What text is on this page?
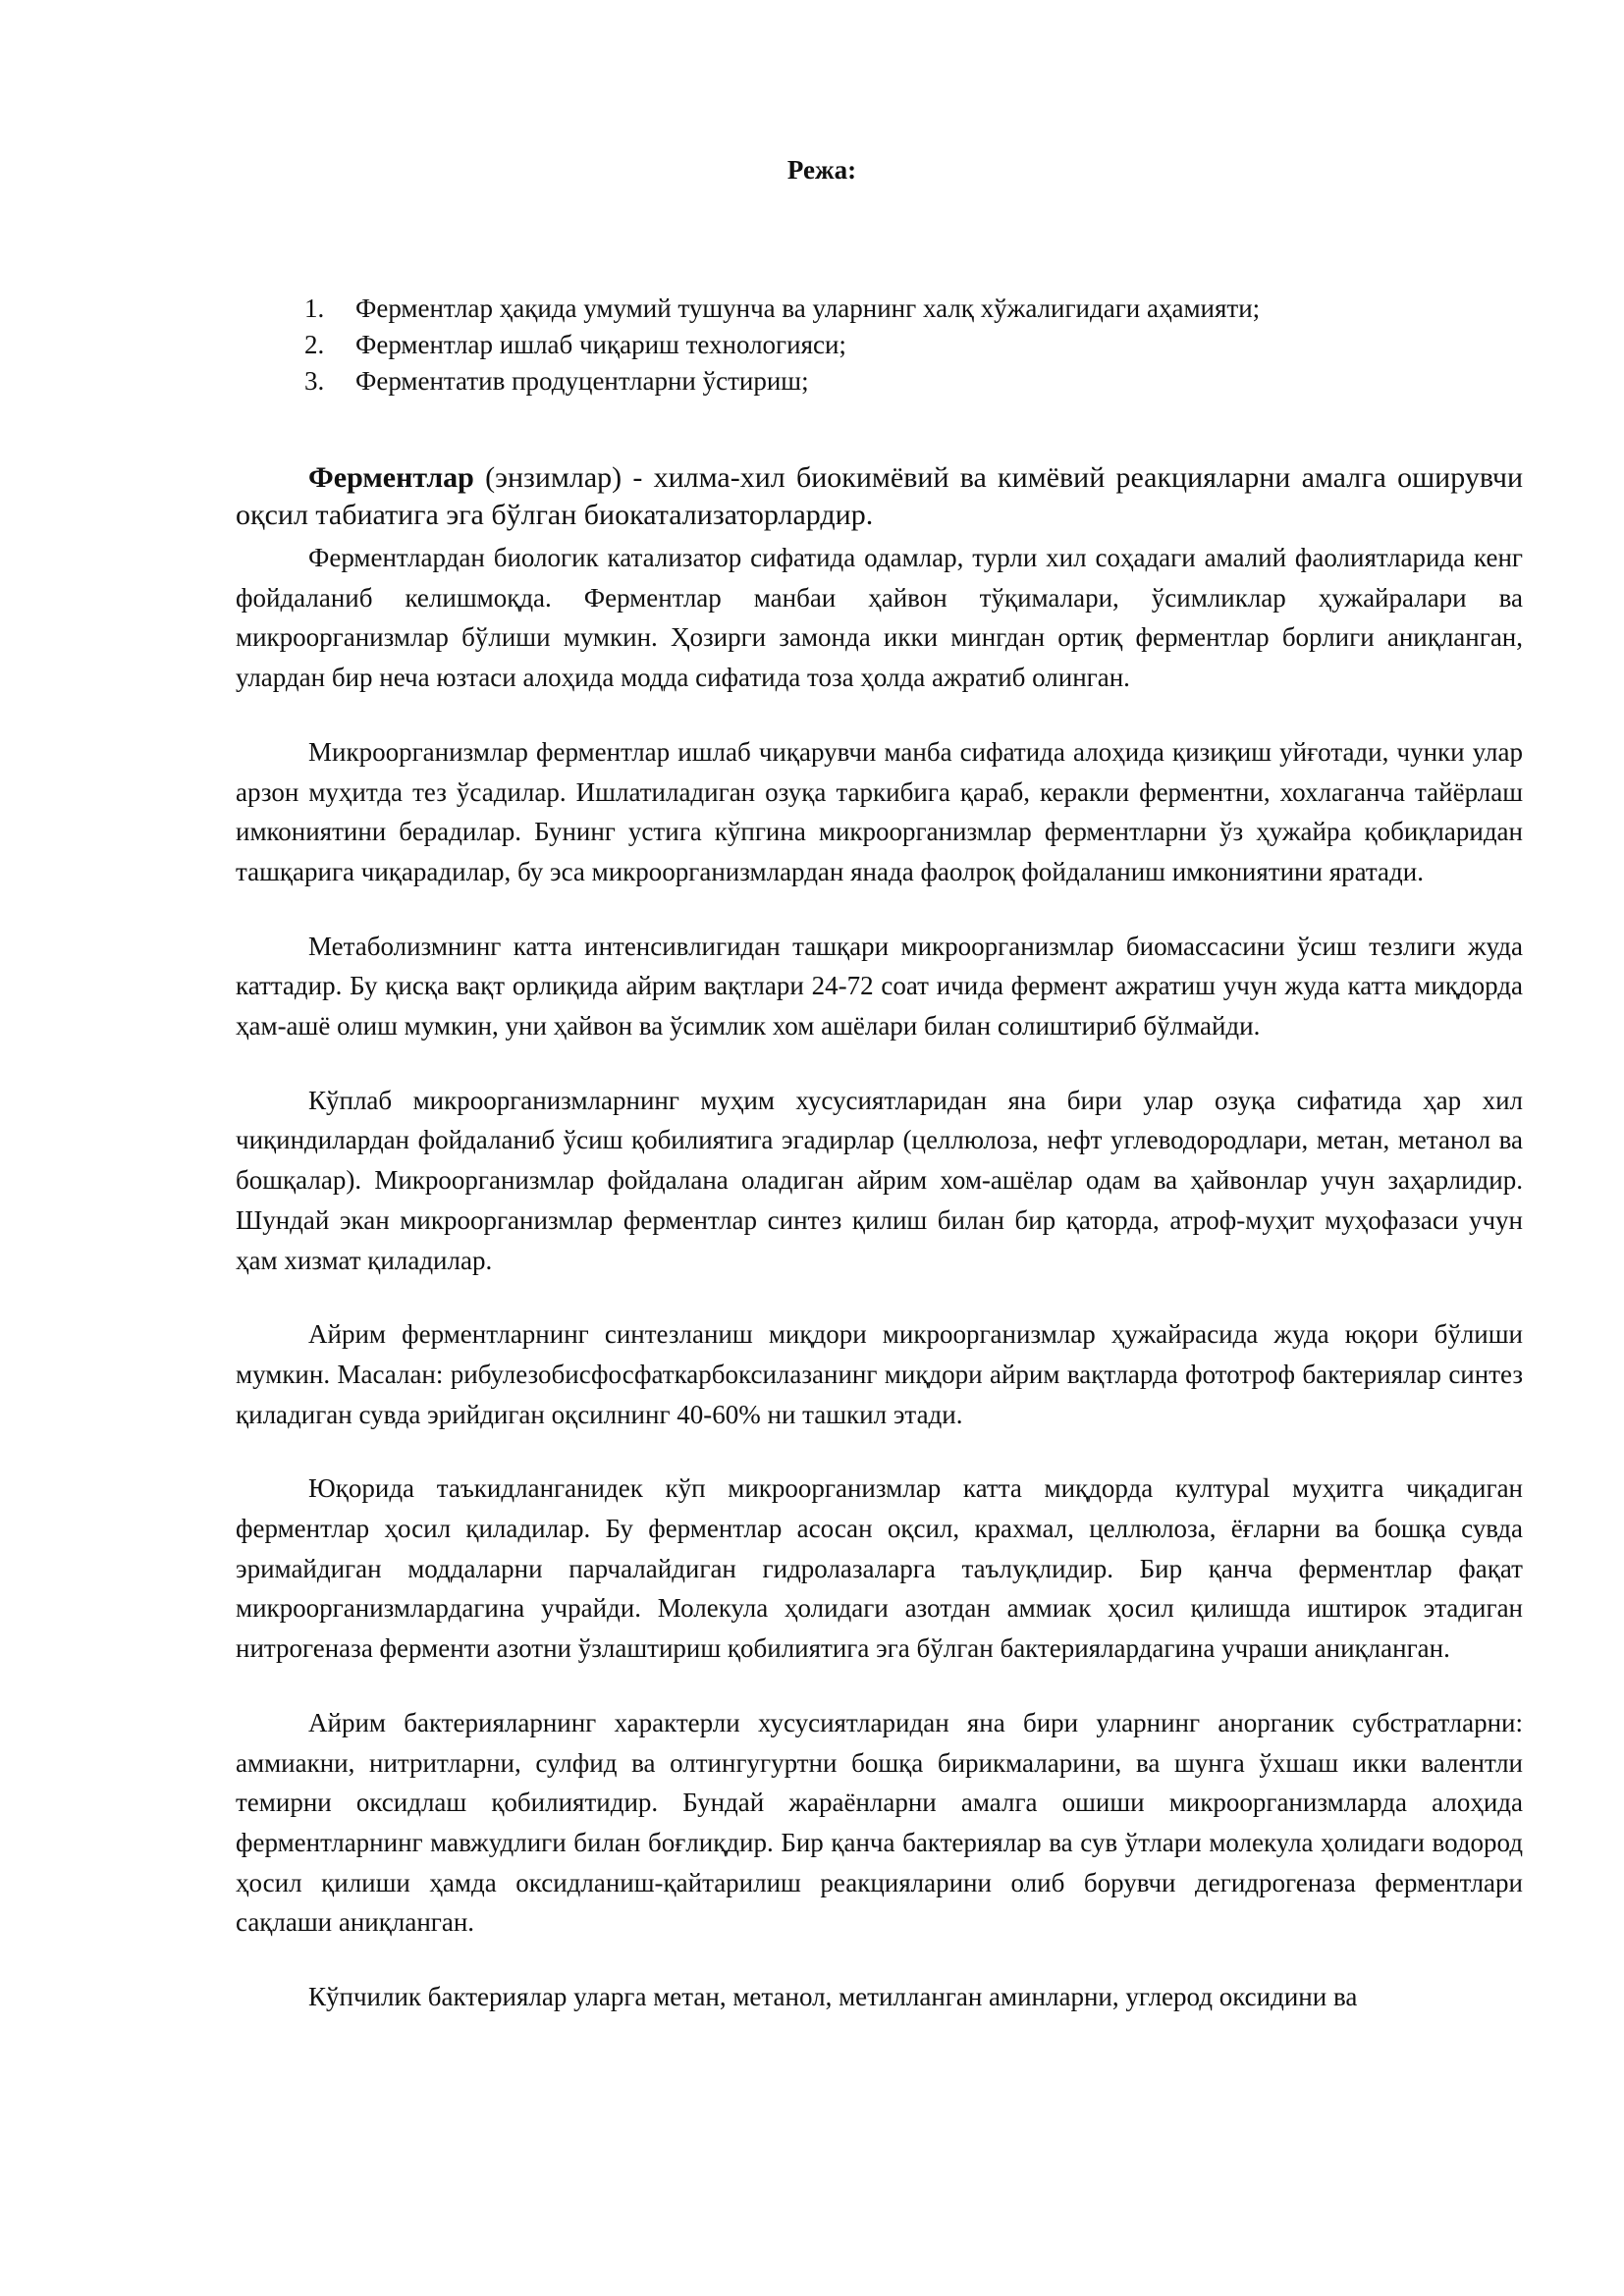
Режа:
1.	Ферментлар ҳақида умумий тушунча ва уларнинг халқ хўжалигидаги аҳамияти;
2.	Ферментлар ишлаб чиқариш технологияси;
3.	Ферментатив продуцентларни ўстириш;

Ферментлар (энзимлар) - хилма-хил биокимёвий ва кимёвий реакцияларни амалга оширувчи оқсил табиатига эга бўлган биокатализаторлардир.

Ферментлардан биологик катализатор сифатида одамлар, турли хил соҳадаги амалий фаолиятларида кенг фойдаланиб келишмоқда. Ферментлар манбаи ҳайвон тўқималари, ўсимликлар ҳужайралари ва микроорганизмлар бўлиши мумкин. Ҳозирги замонда икки мингдан ортиқ ферментлар борлиги аниқланган, улардан бир неча юзтаси алоҳида модда сифатида тоза ҳолда ажратиб олинган.

Микроорганизмлар ферментлар ишлаб чиқарувчи манба сифатида алоҳида қизиқиш уйғотади, чунки улар арзон муҳитда тез ўсадилар. Ишлатиладиган озуқа таркибига қараб, керакли ферментни, хохлаганча тайёрлаш имкониятини берадилар. Бунинг устига кўпгина микроорганизмлар ферментларни ўз ҳужайра қобиқларидан ташқарига чиқарадилар, бу эса микроорганизмлардан янада фаолроқ фойдаланиш имкониятини яратади.

Метаболизмнинг катта интенсивлигидан ташқари микроорганизмлар биомассасини ўсиш тезлиги жуда каттадир. Бу қисқа вақт орлиқида айрим вақтлари 24-72 соат ичида фермент ажратиш учун жуда катта миқдорда ҳам-ашё олиш мумкин, уни ҳайвон ва ўсимлик хом ашёлари билан солиштириб бўлмайди.

Кўплаб микроорганизмларнинг муҳим хусусиятларидан яна бири улар озуқа сифатида ҳар хил чиқиндилардан фойдаланиб ўсиш қобилиятига эгадирлар (целлюлоза, нефт углеводородлари, метан, метанол ва бошқалар). Микроорганизмлар фойдалана оладиган айрим хом-ашёлар одам ва ҳайвонлар учун заҳарлидир. Шундай экан микроорганизмлар ферментлар синтез қилиш билан бир қаторда, атроф-муҳит муҳофазаси учун ҳам хизмат қиладилар.

Айрим ферментларнинг синтезланиш миқдори микроорганизмлар ҳужайрасида жуда юқори бўлиши мумкин. Масалан: рибулезобисфосфаткарбоксилазанинг миқдори айрим вақтларда фототроф бактериялар синтез қиладиган сувда эрийдиган оқсилнинг 40-60% ни ташкил этади.

Юқорида таъкидланганидек кўп микроорганизмлар катта миқдорда култураl муҳитга чиқадиган ферментлар ҳосил қиладилар. Бу ферментлар асосан оқсил, крахмал, целлюлоза, ёғларни ва бошқа сувда эримайдиган моддаларни парчалайдиган гидролазаларга таълуқлидир. Бир қанча ферментлар фақат микроорганизмлардагина учрайди. Молекула ҳолидаги азотдан аммиак ҳосил қилишда иштирок этадиган нитрогеназа ферменти азотни ўзлаштириш қобилиятига эга бўлган бактериялардагина учраши аниқланган.

Айрим бактерияларнинг характерли хусусиятларидан яна бири уларнинг анорганик субстратларни: аммиакни, нитритларни, сулфид ва олтингугуртни бошқа бирикмаларини, ва шунга ўхшаш икки валентли темирни оксидлаш қобилиятидир. Бундай жараёнларни амалга ошиши микроорганизмларда алоҳида ферментларнинг мавжудлиги билан боғлиқдир. Бир қанча бактериялар ва сув ўтлари молекула ҳолидаги водород ҳосил қилиши ҳамда оксидланиш-қайтарилиш реакцияларини олиб борувчи дегидрогеназа ферментлари сақлаши аниқланган.

Кўпчилик бактериялар уларга метан, метанол, метилланган аминларни, углерод оксидини ва
